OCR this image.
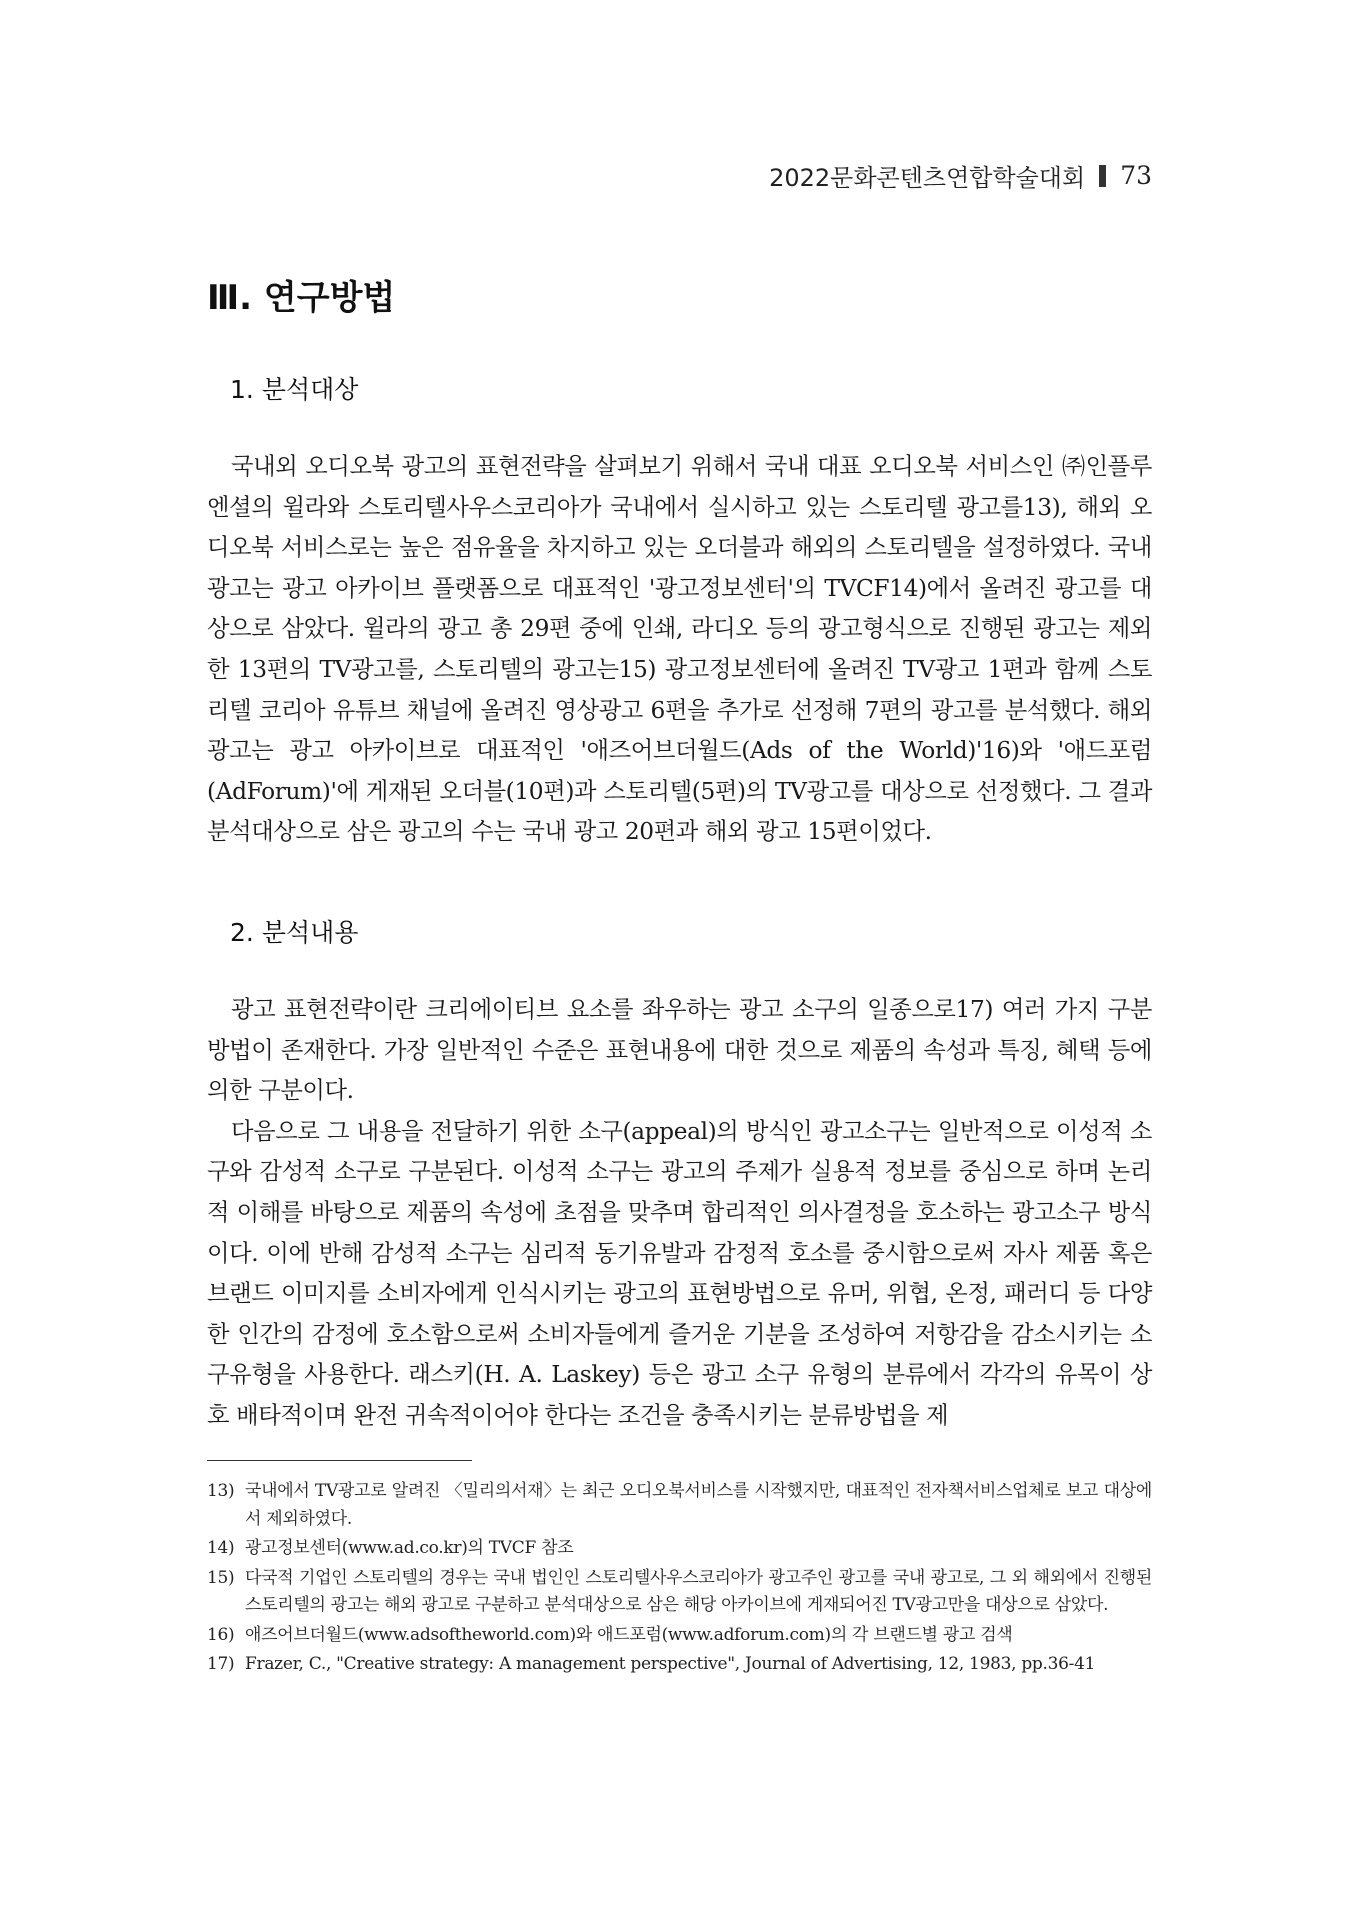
2022문화콘텐츠연합학술대회 73
Ⅲ. 연구방법
1. 분석대상

국내외 오디오북 광고의 표현전략을 살펴보기 위해서 국내 대표 오디오북 서비스인 ㈜인플루엔셜의 윌라와 스토리텔사우스코리아가 국내에서 실시하고 있는 스토리텔 광고를13), 해외 오디오북 서비스로는 높은 점유율을 차지하고 있는 오더블과 해외의 스토리텔을 설정하였다. 국내 광고는 광고 아카이브 플랫폼으로 대표적인 '광고정보센터'의 TVCF14)에서 올려진 광고를 대상으로 삼았다. 윌라의 광고 총 29편 중에 인쇄, 라디오 등의 광고형식으로 진행된 광고는 제외한 13편의 TV광고를, 스토리텔의 광고는15) 광고정보센터에 올려진 TV광고 1편과 함께 스토리텔 코리아 유튜브 채널에 올려진 영상광고 6편을 추가로 선정해 7편의 광고를 분석했다. 해외 광고는 광고 아카이브로 대표적인 '애즈어브더월드(Ads of the World)'16)와 '애드포럼(AdForum)'에 게재된 오더블(10편)과 스토리텔(5편)의 TV광고를 대상으로 선정했다. 그 결과 분석대상으로 삼은 광고의 수는 국내 광고 20편과 해외 광고 15편이었다.

2. 분석내용

광고 표현전략이란 크리에이티브 요소를 좌우하는 광고 소구의 일종으로17) 여러 가지 구분 방법이 존재한다. 가장 일반적인 수준은 표현내용에 대한 것으로 제품의 속성과 특징, 혜택 등에 의한 구분이다.

다음으로 그 내용을 전달하기 위한 소구(appeal)의 방식인 광고소구는 일반적으로 이성적 소구와 감성적 소구로 구분된다. 이성적 소구는 광고의 주제가 실용적 정보를 중심으로 하며 논리적 이해를 바탕으로 제품의 속성에 초점을 맞추며 합리적인 의사결정을 호소하는 광고소구 방식이다. 이에 반해 감성적 소구는 심리적 동기유발과 감정적 호소를 중시함으로써 자사 제품 혹은 브랜드 이미지를 소비자에게 인식시키는 광고의 표현방법으로 유머, 위협, 온정, 패러디 등 다양한 인간의 감정에 호소함으로써 소비자들에게 즐거운 기분을 조성하여 저항감을 감소시키는 소구유형을 사용한다. 래스키(H. A. Laskey) 등은 광고 소구 유형의 분류에서 각각의 유목이 상호 배타적이며 완전 귀속적이어야 한다는 조건을 충족시키는 분류방법을 제

13) 국내에서 TV광고로 알려진 〈밀리의서재〉는 최근 오디오북서비스를 시작했지만, 대표적인 전자책서비스업체로 보고 대상에서 제외하였다.
14) 광고정보센터(www.ad.co.kr)의 TVCF 참조
15) 다국적 기업인 스토리텔의 경우는 국내 법인인 스토리텔사우스코리아가 광고주인 광고를 국내 광고로, 그 외 해외에서 진행된 스토리텔의 광고는 해외 광고로 구분하고 분석대상으로 삼은 해당 아카이브에 게재되어진 TV광고만을 대상으로 삼았다.
16) 애즈어브더월드(www.adsoftheworld.com)와 애드포럼(www.adforum.com)의 각 브랜드별 광고 검색
17) Frazer, C., "Creative strategy: A management perspective", Journal of Advertising, 12, 1983, pp.36-41
